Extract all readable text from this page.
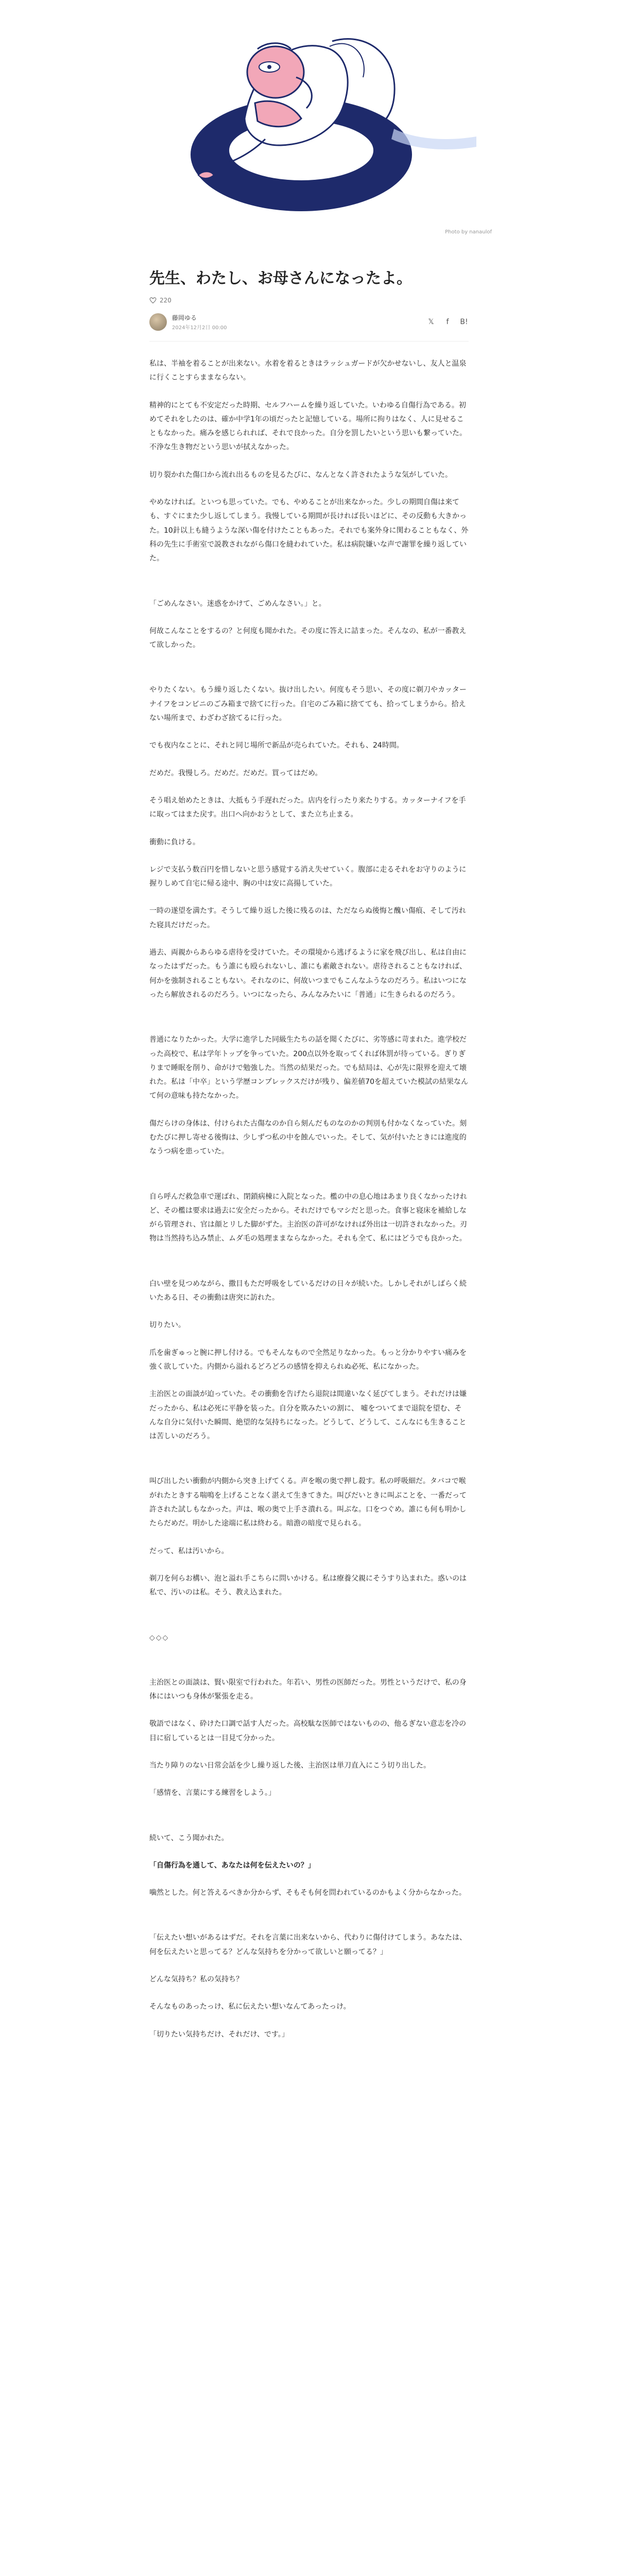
Photo by nanaulof
先生、わたし、お母さんになったよ。
220
藤岡ゆる
2024年12月2日 00:00
𝕏	f	B!

私は、半袖を着ることが出来ない。水着を着るときはラッシュガードが欠かせないし、友人と温泉に行くことすらままならない。

精神的にとても不安定だった時期、セルフハームを繰り返していた。いわゆる自傷行為である。初めてそれをしたのは、確か中学1年の頃だったと記憶している。場所に拘りはなく、人に見せることもなかった。痛みを感じられれば、それで良かった。自分を罰したいという思いも繋っていた。不浄な生き物だという思いが拭えなかった。

切り裂かれた傷口から流れ出るものを見るたびに、なんとなく許されたような気がしていた。

やめなければ。といつも思っていた。でも、やめることが出来なかった。少しの期間自傷は来ても、すぐにまた少し返してしまう。我慢している期間が長ければ長いほどに、その反動も大きかった。10針以上も縫うような深い傷を付けたこともあった。それでも案外身に関わることもなく、外科の先生に手術室で説教されながら傷口を縫われていた。私は病院嫌いな声で謝罪を繰り返していた。

「ごめんなさい。迷惑をかけて、ごめんなさい。」と。

何故こんなことをするの？と何度も聞かれた。その度に答えに詰まった。そんなの、私が一番教えて欲しかった。

やりたくない。もう繰り返したくない。抜け出したい。何度もそう思い、その度に剃刀やカッターナイフをコンビニのごみ箱まで捨てに行った。自宅のごみ箱に捨てても、拾ってしまうから。拾えない場所まで、わざわざ捨てるに行った。

でも夜内なことに、それと同じ場所で新品が売られていた。それも、24時間。

だめだ。我慢しろ。だめだ。だめだ。買ってはだめ。

そう唱え始めたときは、大抵もう手遅れだった。店内を行ったり来たりする。カッターナイフを手に取ってはまた戻す。出口へ向かおうとして、また立ち止まる。

衝動に負ける。

レジで支払う数百円を惜しないと思う感覚する消え失せていく。腹部に走るそれをお守りのように握りしめて自宅に帰る途中、胸の中は安に高揚していた。

一時の遂望を満たす。そうして繰り返した後に残るのは、ただならぬ後悔と醜い傷痕、そして汚れた寝具だけだった。

過去、両親からあらゆる虐待を受けていた。その環境から逃げるように家を飛び出し、私は自由になったはずだった。もう誰にも殴られないし、誰にも素敵されない。虐待されることもなければ、何かを強制されることもない。それなのに、何故いつまでもこんなふうなのだろう。私はいつになったら解放されるのだろう。いつになったら、みんなみたいに「普通」に生きられるのだろう。

普通になりたかった。大学に進学した同級生たちの話を聞くたびに、劣等感に苛まれた。進学校だった高校で、私は学年トップを争っていた。200点以外を取ってくれば体罰が待っている。ぎりぎりまで睡眠を削り、命がけで勉強した。当然の結果だった。でも結局は、心が先に限界を迎えて壊れた。私は「中卒」という学歴コンプレックスだけが残り、偏差値70を超えていた模試の結果なんて何の意味も持たなかった。

傷だらけの身体は、付けられた古傷なのか自ら刻んだものなのかの判別も付かなくなっていた。刻むたびに押し寄せる後悔は、少しずつ私の中を蝕んでいった。そして、気が付いたときには進度的なうつ病を患っていた。

自ら呼んだ救急車で運ばれ、閉鎖病棟に入院となった。檻の中の息心地はあまり良くなかったけれど、その檻は要求は過去に安全だったから。それだけでもマシだと思った。食事と寝床を補給しながら管理され、官は顔とリした脚がずた。主治医の許可がなければ外出は一切許されなかった。刃物は当然持ち込み禁止、ムダ毛の処理ままならなかった。それも全て、私にはどうでも良かった。

白い壁を見つめながら、撒目もただ呼吸をしているだけの日々が続いた。しかしそれがしばらく続いたある日、その衝動は唐突に訪れた。

切りたい。

爪を歯ぎゅっと腕に押し付ける。でもそんなもので全然足りなかった。もっと分かりやすい痛みを強く欲していた。内側から溢れるどろどろの感情を抑えられぬ必死、私になかった。

主治医との面談が迫っていた。その衝動を告げたら退院は間違いなく延びてしまう。それだけは嫌だったから、私は必死に平静を装った。自分を欺みたいの割に、 嘘をついてまで退院を望む、そんな自分に気付いた瞬間、絶望的な気持ちになった。どうして、どうして、こんなにも生きることは苦しいのだろう。

叫び出したい衝動が内側から突き上げてくる。声を喉の奥で押し殺す。私の呼吸細だ。タバコで喉がれたときする喘鳴を上げることなく湛えて生きてきた。叫びだいときに叫ぶことを、一番だって許された試しもなかった。声は、喉の奥で上手さ潰れる。叫ぶな。口をつぐめ。誰にも何も明かしたらだめだ。明かした途端に私は終わる。暗澹の暗度で見られる。

だって、私は汚いから。

剃刀を何らお構い、泡と溢れ手こちらに問いかける。私は療養父親にそうすり込まれた。惑いのは私で、汚いのは私。そう、教え込まれた。

◇◇◇

主治医との面談は、賢い限室で行われた。年若い、男性の医師だった。男性というだけで、私の身体にはいつも身体が緊張を走る。

敬語ではなく、砕けた口調で話す人だった。高校駄な医師ではないものの、他るぎない意志を冷の目に宿しているとは一目見て分かった。

当たり障りのない日常会話を少し繰り返した後、主治医は単刀直入にこう切り出した。

「感情を、言葉にする練習をしよう。」

続いて、こう聞かれた。

「自傷行為を通して、あなたは何を伝えたいの？」

噛然とした。何と答えるべきか分からず、そもそも何を問われているのかもよく分からなかった。

「伝えたい想いがあるはずだ。それを言葉に出来ないから、代わりに傷付けてしまう。あなたは、何を伝えたいと思ってる？どんな気持ちを分かって欲しいと願ってる？」

どんな気持ち？私の気持ち？

そんなものあったっけ、私に伝えたい想いなんてあったっけ。

「切りたい気持ちだけ、それだけ、です。」
